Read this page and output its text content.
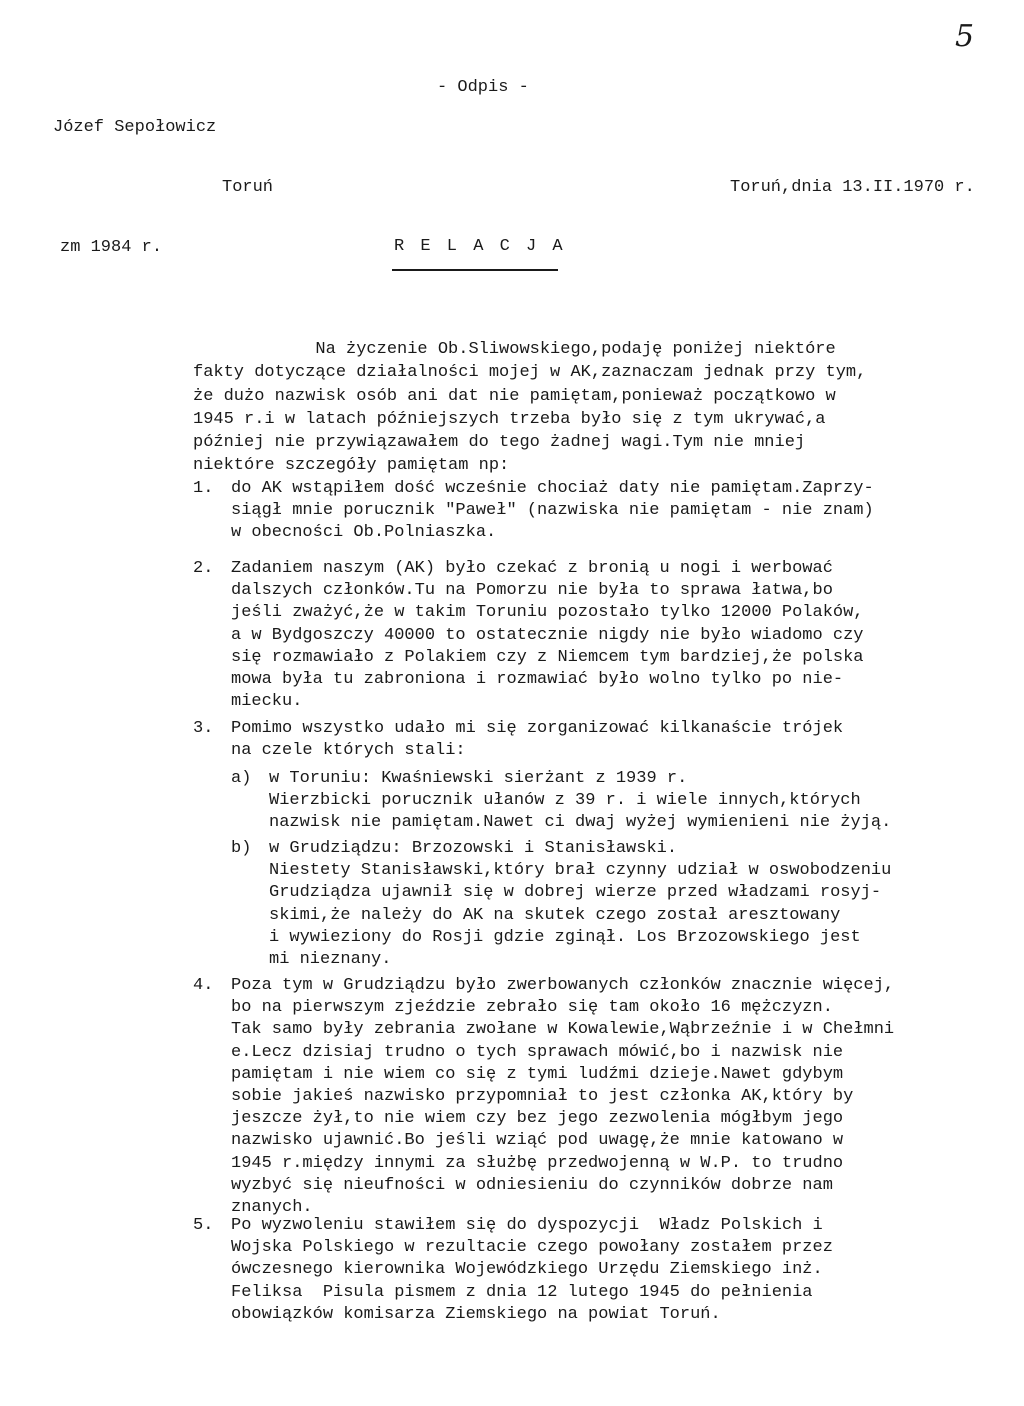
5

Józef Sepołowicz

Toruń

zm 1984 r.

- Odpis -
Toruń,dnia 13.II.1970 r.
R E L A C J A
Na życzenie Ob.Sliwowskiego,podaję poniżej niektóre
fakty dotyczące działalności mojej w AK,zaznaczam jednak przy tym,
że dużo nazwisk osób ani dat nie pamiętam,ponieważ początkowo w
1945 r.i w latach późniejszych trzeba było się z tym ukrywać,a
później nie przywiązawałem do tego żadnej wagi.Tym nie mniej
niektóre szczegóły pamiętam np:
1. do AK wstąpiłem dość wcześnie chociaż daty nie pamiętam.Zaprzy-
siągł mnie porucznik "Paweł" (nazwiska nie pamiętam - nie znam)
w obecności Ob.Polniaszka.
2. Zadaniem naszym (AK) było czekać z bronią u nogi i werbować
dalszych członków.Tu na Pomorzu nie była to sprawa łatwa,bo
jeśli zważyć,że w takim Toruniu pozostało tylko 12000 Polaków,
a w Bydgoszczy 40000 to ostatecznie nigdy nie było wiadomo czy
się rozmawiało z Polakiem czy z Niemcem tym bardziej,że polska
mowa była tu zabroniona i rozmawiać było wolno tylko po nie-
miecku.
3. Pomimo wszystko udało mi się zorganizować kilkanaście trójek
na czele których stali:
a) w Toruniu: Kwaśniewski sierżant z 1939 r.
Wierzbicki porucznik ułanów z 39 r. i wiele innych,których
nazwisk nie pamiętam.Nawet ci dwaj wyżej wymienieni nie żyją.
b) w Grudziądzu: Brzozowski i Stanisławski.
Niestety Stanisławski,który brał czynny udział w oswobodzeniu
Grudziądza ujawnił się w dobrej wierze przed władzami rosyj-
skimi,że należy do AK na skutek czego został aresztowany
i wywieziony do Rosji gdzie zginął. Los Brzozowskiego jest
mi nieznany.
4. Poza tym w Grudziądzu było zwerbowanych członków znacznie więcej,
bo na pierwszym zjeździe zebrało się tam około 16 mężczyzn.
Tak samo były zebrania zwołane w Kowalewie,Wąbrzeźnie i w Chełmni
e.Lecz dzisiaj trudno o tych sprawach mówić,bo i nazwisk nie
pamiętam i nie wiem co się z tymi ludźmi dzieje.Nawet gdybym
sobie jakieś nazwisko przypomniał to jest członka AK,który by
jeszcze żył,to nie wiem czy bez jego zezwolenia mógłbym jego
nazwisko ujawnić.Bo jeśli wziąć pod uwagę,że mnie katowano w
1945 r.między innymi za służbę przedwojenną w W.P. to trudno
wyzbyć się nieufności w odniesieniu do czynników dobrze nam
znanych.
5. Po wyzwoleniu stawiłem się do dyspozycji  Władz Polskich i
Wojska Polskiego w rezultacie czego powołany zostałem przez
ówczesnego kierownika Wojewódzkiego Urzędu Ziemskiego inż.
Feliksa  Pisula pismem z dnia 12 lutego 1945 do pełnienia
obowiązków komisarza Ziemskiego na powiat Toruń.
